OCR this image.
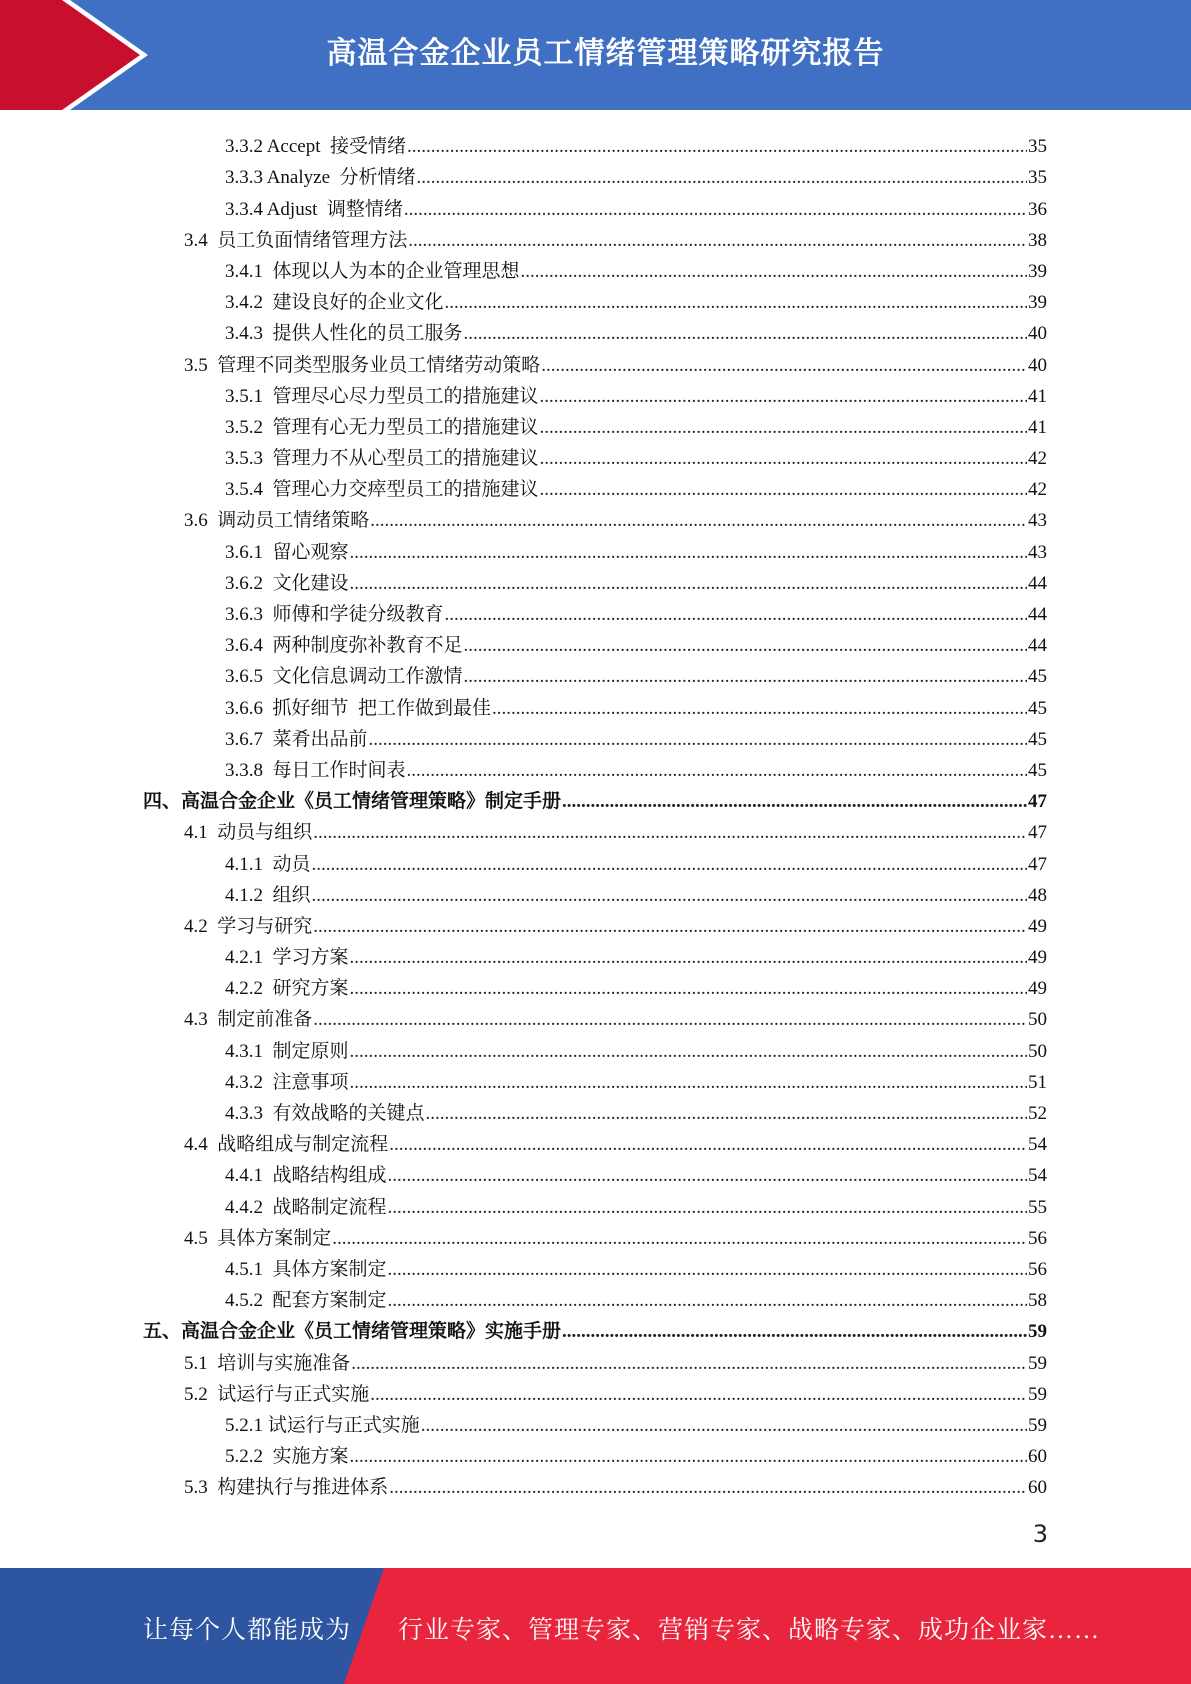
高温合金企业员工情绪管理策略研究报告
3.3.2 Accept  接受情绪 .....	35
3.3.3 Analyze  分析情绪 .....	35
3.3.4 Adjust  调整情绪 .....	36
3.4  员工负面情绪管理方法 .....	38
3.4.1  体现以人为本的企业管理思想 .....	39
3.4.2  建设良好的企业文化 .....	39
3.4.3  提供人性化的员工服务 .....	40
3.5  管理不同类型服务业员工情绪劳动策略 .....	40
3.5.1  管理尽心尽力型员工的措施建议 .....	41
3.5.2  管理有心无力型员工的措施建议 .....	41
3.5.3  管理力不从心型员工的措施建议 .....	42
3.5.4  管理心力交瘁型员工的措施建议 .....	42
3.6  调动员工情绪策略 .....	43
3.6.1  留心观察 .....	43
3.6.2  文化建设 .....	44
3.6.3  师傅和学徒分级教育 .....	44
3.6.4  两种制度弥补教育不足 .....	44
3.6.5  文化信息调动工作激情 .....	45
3.6.6  抓好细节  把工作做到最佳 .....	45
3.6.7  菜肴出品前 .....	45
3.3.8  每日工作时间表 .....	45
四、高温合金企业《员工情绪管理策略》制定手册 .....	47
4.1  动员与组织 .....	47
4.1.1  动员 .....	47
4.1.2  组织 .....	48
4.2  学习与研究 .....	49
4.2.1  学习方案 .....	49
4.2.2  研究方案 .....	49
4.3  制定前准备 .....	50
4.3.1  制定原则 .....	50
4.3.2  注意事项 .....	51
4.3.3  有效战略的关键点 .....	52
4.4  战略组成与制定流程 .....	54
4.4.1  战略结构组成 .....	54
4.4.2  战略制定流程 .....	55
4.5  具体方案制定 .....	56
4.5.1  具体方案制定 .....	56
4.5.2  配套方案制定 .....	58
五、高温合金企业《员工情绪管理策略》实施手册 .....	59
5.1  培训与实施准备 .....	59
5.2  试运行与正式实施 .....	59
5.2.1 试运行与正式实施 .....	59
5.2.2  实施方案 .....	60
5.3  构建执行与推进体系 .....	60
3
让每个人都能成为 行业专家、管理专家、营销专家、战略专家、成功企业家……
